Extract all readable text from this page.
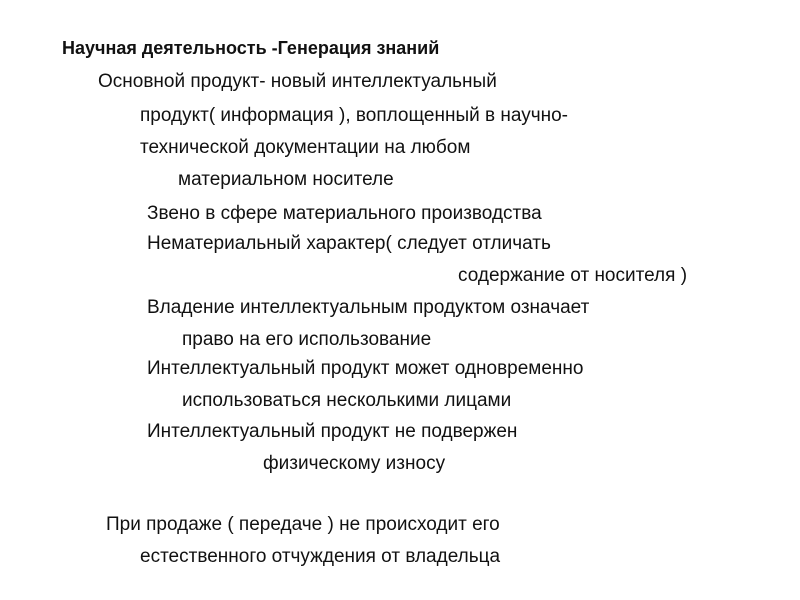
Научная деятельность -Генерация знаний
Основной продукт- новый интеллектуальный
продукт( информация ), воплощенный в научно-
технической документации на любом
материальном носителе
Звено в сфере материального производства
Нематериальный характер( следует отличать
содержание от носителя )
Владение интеллектуальным продуктом означает
право на его использование
Интеллектуальный продукт может одновременно
использоваться несколькими лицами
Интеллектуальный продукт не подвержен
физическому износу
При продаже ( передаче ) не происходит его
естественного отчуждения от владельца
